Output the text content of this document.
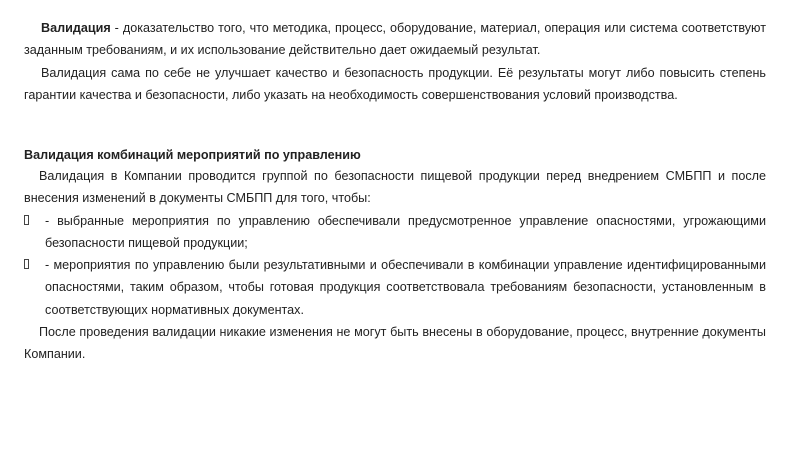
Валидация - доказательство того, что методика, процесс, оборудование, материал, операция или система соответствуют заданным требованиям, и их использование действительно дает ожидаемый результат.

Валидация сама по себе не улучшает качество и безопасность продукции. Её результаты могут либо повысить степень гарантии качества и безопасности, либо указать на необходимость совершенствования условий производства.

Валидация комбинаций мероприятий по управлению

Валидация в Компании проводится группой по безопасности пищевой продукции перед внедрением СМБПП и после внесения изменений в документы СМБПП для того, чтобы:

- выбранные мероприятия по управлению обеспечивали предусмотренное управление опасностями, угрожающими безопасности пищевой продукции;
- мероприятия по управлению были результативными и обеспечивали в комбинации управление идентифицированными опасностями, таким образом, чтобы готовая продукция соответствовала требованиям безопасности, установленным в соответствующих нормативных документах.

После проведения валидации никакие изменения не могут быть внесены в оборудование, процесс, внутренние документы Компании.
